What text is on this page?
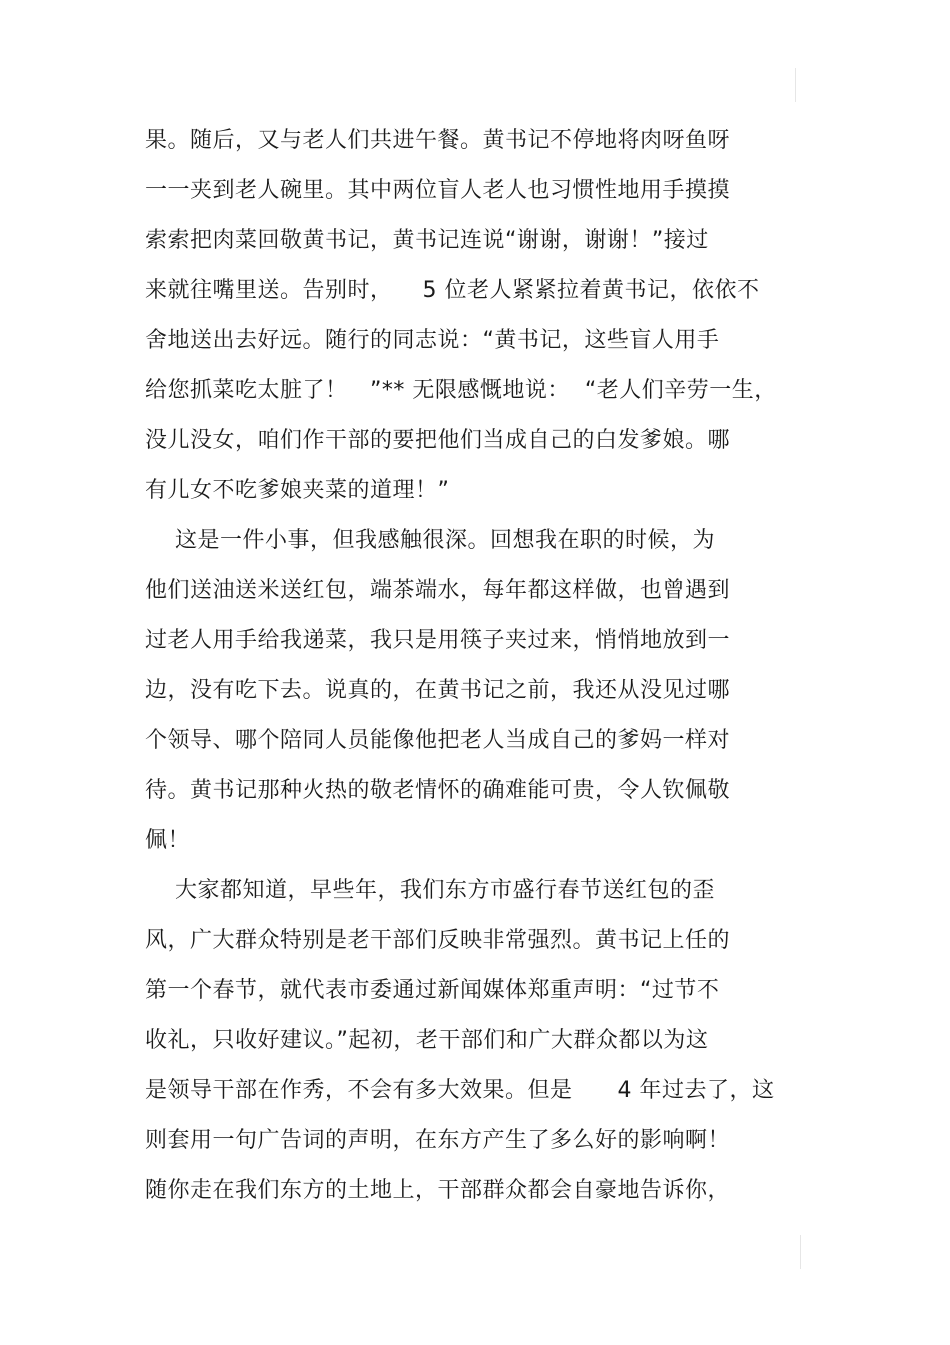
果。随后，又与老人们共进午餐。黄书记不停地将肉呀鱼呀
一一夹到老人碗里。其中两位盲人老人也习惯性地用手摸摸
索索把肉菜回敬黄书记，黄书记连说“谢谢，谢谢！”接过
来就往嘴里送。告别时，    5 位老人紧紧拉着黄书记，依依不
舍地送出去好远。随行的同志说：“黄书记，这些盲人用手
给您抓菜吃太脏了！   ”** 无限感慨地说：  “老人们辛劳一生，
没儿没女，咱们作干部的要把他们当成自己的白发爹娘。哪
有儿女不吃爹娘夹菜的道理！”
这是一件小事，但我感触很深。回想我在职的时候，为
他们送油送米送红包，端茶端水，每年都这样做，也曾遇到
过老人用手给我递菜，我只是用筷子夹过来，悄悄地放到一
边，没有吃下去。说真的，在黄书记之前，我还从没见过哪
个领导、哪个陪同人员能像他把老人当成自己的爹妈一样对
待。黄书记那种火热的敬老情怀的确难能可贵，令人钦佩敬
佩！
大家都知道，早些年，我们东方市盛行春节送红包的歪
风，广大群众特别是老干部们反映非常强烈。黄书记上任的
第一个春节，就代表市委通过新闻媒体郑重声明：“过节不
收礼，只收好建议。”起初，老干部们和广大群众都以为这
是领导干部在作秀，不会有多大效果。但是      4 年过去了，这
则套用一句广告词的声明，在东方产生了多么好的影响啊！
随你走在我们东方的土地上，干部群众都会自豪地告诉你，
